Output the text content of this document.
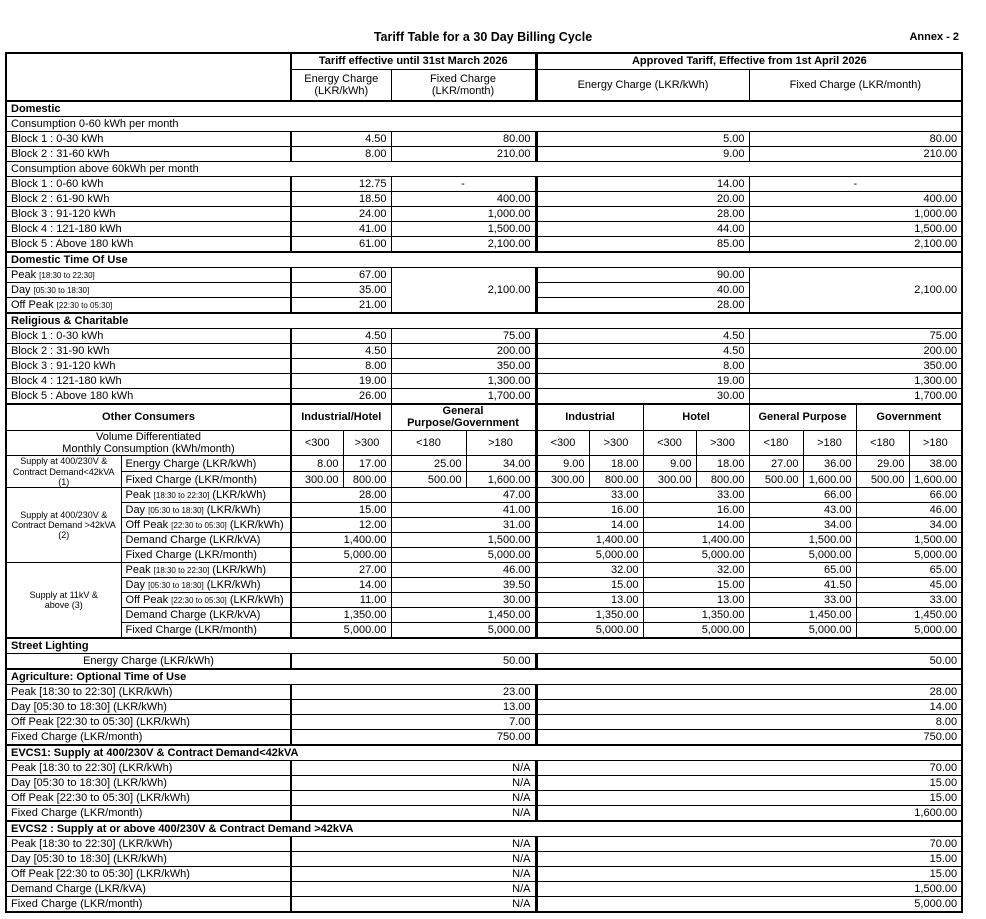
Tariff Table for a 30 Day Billing Cycle	Annex - 2
		Tariff effective until 31st March 2026				Approved Tariff, Effective from 1st April 2026							
		Energy Charge
(LKR/kWh)		Fixed Charge
(LKR/month)		Energy Charge (LKR/kWh)				Fixed Charge (LKR/month)			
Domestic													
Consumption 0-60 kWh per month													
Block 1 : 0-30 kWh		4.50		80.00		5.00				80.00			
Block 2 : 31-60 kWh		8.00		210.00		9.00				210.00			
Consumption above 60kWh per month													
Block 1 : 0-60 kWh		12.75		-		14.00				-			
Block 2 : 61-90 kWh		18.50		400.00		20.00				400.00			
Block 3 : 91-120 kWh		24.00		1,000.00		28.00				1,000.00			
Block 4 : 121-180 kWh		41.00		1,500.00		44.00				1,500.00			
Block 5 : Above 180 kWh		61.00		2,100.00		85.00				2,100.00			
Domestic Time Of Use													
Peak [18:30 to 22:30]		67.00		2,100.00		90.00				2,100.00			
Day [05:30 to 18:30]		35.00				40.00							
Off Peak [22:30 to 05:30]		21.00				28.00							
Religious & Charitable													
Block 1 : 0-30 kWh		4.50		75.00		4.50				75.00			
Block 2 : 31-90 kWh		4.50		200.00		4.50				200.00			
Block 3 : 91-120 kWh		8.00		350.00		8.00				350.00			
Block 4 : 121-180 kWh		19.00		1,300.00		19.00				1,300.00			
Block 5 : Above 180 kWh		26.00		1,700.00		30.00				1,700.00			
Other Consumers		Industrial/Hotel		General Purpose/Government		Industrial		Hotel		General Purpose		Government	
Volume Differentiated
Monthly Consumption (kWh/month)		<300	>300	<180	>180	<300	>300	<300	>300	<180	>180	<180	>180
Supply at 400/230V &
Contract Demand<42kVA (1)	Energy Charge (LKR/kWh)	8.00	17.00	25.00	34.00	9.00	18.00	9.00	18.00	27.00	36.00	29.00	38.00
	Fixed Charge (LKR/month)	300.00	800.00	500.00	1,600.00	300.00	800.00	300.00	800.00	500.00	1,600.00	500.00	1,600.00
Supply at 400/230V &
Contract Demand >42kVA (2)	Peak [18:30 to 22:30] (LKR/kWh)	28.00		47.00		33.00		33.00		66.00		66.00	
	Day [05:30 to 18:30] (LKR/kWh)	15.00		41.00		16.00		16.00		43.00		46.00	
	Off Peak [22:30 to 05:30] (LKR/kWh)	12.00		31.00		14.00		14.00		34.00		34.00	
	Demand Charge (LKR/kVA)	1,400.00		1,500.00		1,400.00		1,400.00		1,500.00		1,500.00	
	Fixed Charge (LKR/month)	5,000.00		5,000.00		5,000.00		5,000.00		5,000.00		5,000.00	
Supply at 11kV &
above (3)	Peak [18:30 to 22:30] (LKR/kWh)	27.00		46.00		32.00		32.00		65.00		65.00	
	Day [05:30 to 18:30] (LKR/kWh)	14.00		39.50		15.00		15.00		41.50		45.00	
	Off Peak [22:30 to 05:30] (LKR/kWh)	11.00		30.00		13.00		13.00		33.00		33.00	
	Demand Charge (LKR/kVA)	1,350.00		1,450.00		1,350.00		1,350.00		1,450.00		1,450.00	
	Fixed Charge (LKR/month)	5,000.00		5,000.00		5,000.00		5,000.00		5,000.00		5,000.00	
Street Lighting													
Energy Charge (LKR/kWh)		50.00				50.00							
Agriculture: Optional Time of Use													
Peak [18:30 to 22:30] (LKR/kWh)		23.00				28.00							
Day [05:30 to 18:30] (LKR/kWh)		13.00				14.00							
Off Peak [22:30 to 05:30] (LKR/kWh)		7.00				8.00							
Fixed Charge (LKR/month)		750.00				750.00							
EVCS1: Supply at 400/230V & Contract Demand<42kVA													
Peak [18:30 to 22:30] (LKR/kWh)		N/A				70.00							
Day [05:30 to 18:30] (LKR/kWh)		N/A				15.00							
Off Peak [22:30 to 05:30] (LKR/kWh)		N/A				15.00							
Fixed Charge (LKR/month)		N/A				1,600.00							
EVCS2 : Supply at or above 400/230V & Contract Demand >42kVA													
Peak [18:30 to 22:30] (LKR/kWh)		N/A				70.00							
Day [05:30 to 18:30] (LKR/kWh)		N/A				15.00							
Off Peak [22:30 to 05:30] (LKR/kWh)		N/A				15.00							
Demand Charge (LKR/kVA)		N/A				1,500.00							
Fixed Charge (LKR/month)		N/A				5,000.00							
